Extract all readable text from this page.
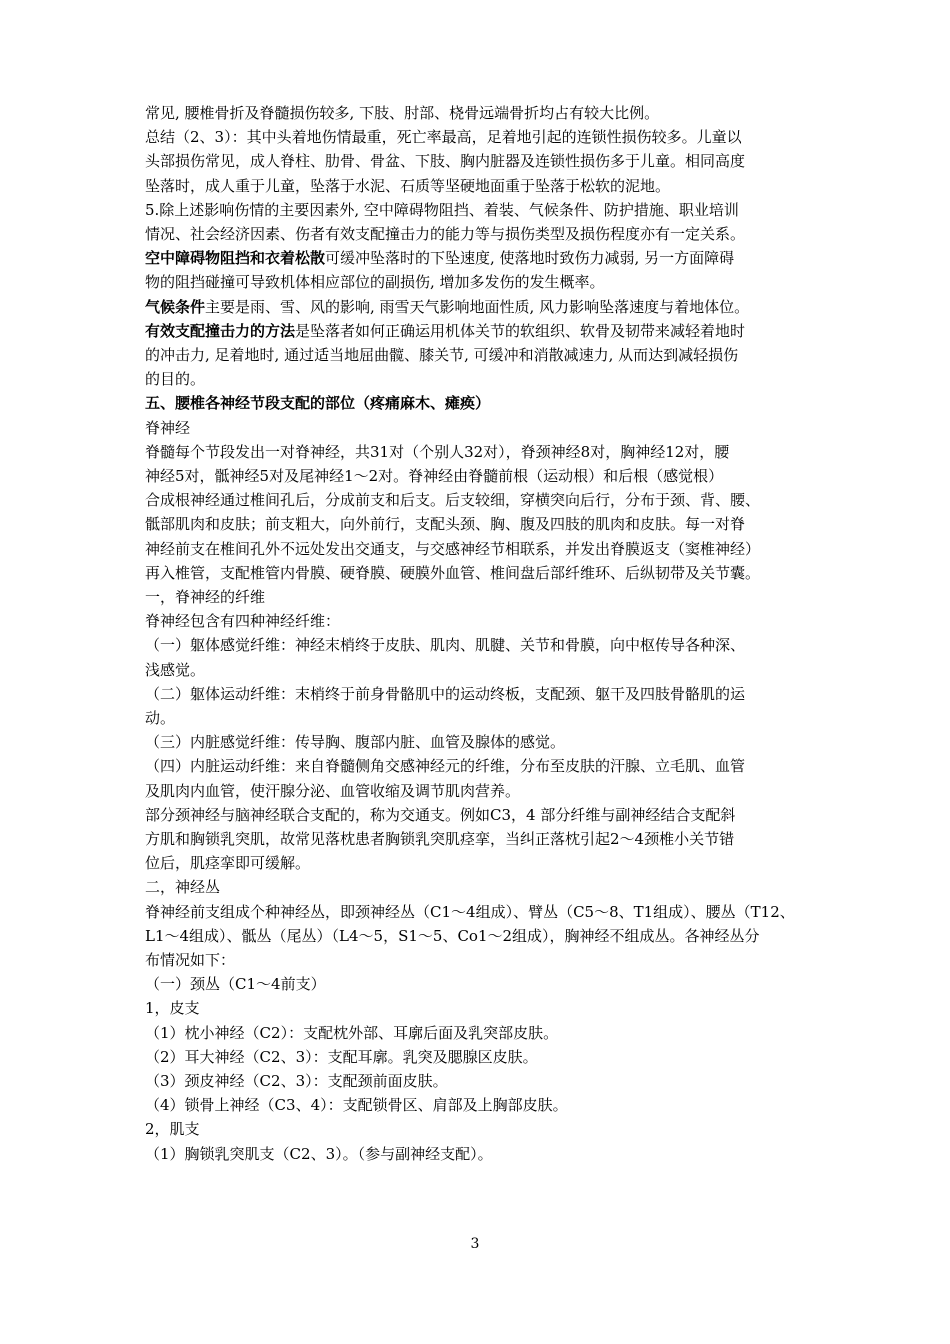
常见, 腰椎骨折及脊髓损伤较多, 下肢、肘部、桡骨远端骨折均占有较大比例。
总结（2、3）：其中头着地伤情最重，死亡率最高，足着地引起的连锁性损伤较多。儿童以
头部损伤常见，成人脊柱、肋骨、骨盆、下肢、胸内脏器及连锁性损伤多于儿童。相同高度
坠落时，成人重于儿童，坠落于水泥、石质等坚硬地面重于坠落于松软的泥地。
5.除上述影响伤情的主要因素外, 空中障碍物阻挡、着装、气候条件、防护措施、职业培训
情况、社会经济因素、伤者有效支配撞击力的能力等与损伤类型及损伤程度亦有一定关系。
空中障碍物阻挡和衣着松散可缓冲坠落时的下坠速度, 使落地时致伤力减弱, 另一方面障碍
物的阻挡碰撞可导致机体相应部位的副损伤, 增加多发伤的发生概率。
气候条件主要是雨、雪、风的影响, 雨雪天气影响地面性质, 风力影响坠落速度与着地体位。
有效支配撞击力的方法是坠落者如何正确运用机体关节的软组织、软骨及韧带来减轻着地时
的冲击力, 足着地时, 通过适当地屈曲髋、膝关节, 可缓冲和消散减速力, 从而达到减轻损伤
的目的。
五、腰椎各神经节段支配的部位（疼痛麻木、瘫痪）
脊神经
脊髓每个节段发出一对脊神经，共31对（个别人32对），脊颈神经8对，胸神经12对，腰
神经5对，骶神经5对及尾神经1～2对。脊神经由脊髓前根（运动根）和后根（感觉根）
合成根神经通过椎间孔后，分成前支和后支。后支较细，穿横突向后行，分布于颈、背、腰、
骶部肌肉和皮肤；前支粗大，向外前行，支配头颈、胸、腹及四肢的肌肉和皮肤。每一对脊
神经前支在椎间孔外不远处发出交通支，与交感神经节相联系，并发出脊膜返支（窦椎神经）
再入椎管，支配椎管内骨膜、硬脊膜、硬膜外血管、椎间盘后部纤维环、后纵韧带及关节囊。
一，脊神经的纤维
脊神经包含有四种神经纤维：
（一）躯体感觉纤维：神经末梢终于皮肤、肌肉、肌腱、关节和骨膜，向中枢传导各种深、
浅感觉。
（二）躯体运动纤维：末梢终于前身骨骼肌中的运动终板，支配颈、躯干及四肢骨骼肌的运
动。
（三）内脏感觉纤维：传导胸、腹部内脏、血管及腺体的感觉。
（四）内脏运动纤维：来自脊髓侧角交感神经元的纤维，分布至皮肤的汗腺、立毛肌、血管
及肌肉内血管，使汗腺分泌、血管收缩及调节肌肉营养。
部分颈神经与脑神经联合支配的，称为交通支。例如C3，4 部分纤维与副神经结合支配斜
方肌和胸锁乳突肌，故常见落枕患者胸锁乳突肌痉挛，当纠正落枕引起2～4颈椎小关节错
位后，肌痉挛即可缓解。
二，神经丛
脊神经前支组成个种神经丛，即颈神经丛（C1～4组成）、臂丛（C5～8、T1组成）、腰丛（T12、
L1～4组成）、骶丛（尾丛）（L4～5，S1～5、Co1～2组成），胸神经不组成丛。各神经丛分
布情况如下：
（一）颈丛（C1～4前支）
1，皮支
（1）枕小神经（C2）：支配枕外部、耳廓后面及乳突部皮肤。
（2）耳大神经（C2、3）：支配耳廓。乳突及腮腺区皮肤。
（3）颈皮神经（C2、3）：支配颈前面皮肤。
（4）锁骨上神经（C3、4）：支配锁骨区、肩部及上胸部皮肤。
2，肌支
（1）胸锁乳突肌支（C2、3）。（参与副神经支配）。
3
